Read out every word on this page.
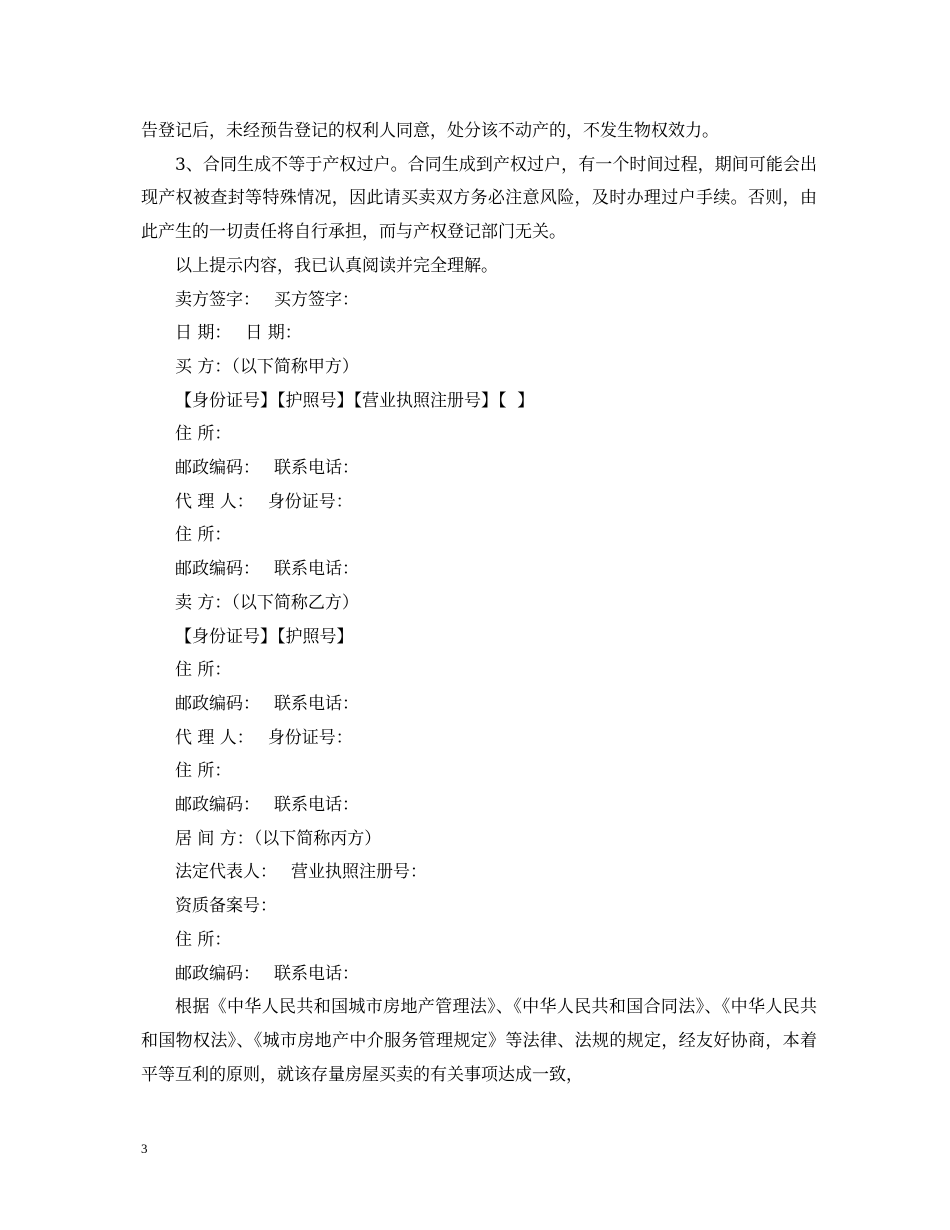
告登记后，未经预告登记的权利人同意，处分该不动产的，不发生物权效力。

3、合同生成不等于产权过户。合同生成到产权过户，有一个时间过程，期间可能会出现产权被查封等特殊情况，因此请买卖双方务必注意风险，及时办理过户手续。否则，由此产生的一切责任将自行承担，而与产权登记部门无关。

以上提示内容，我已认真阅读并完全理解。

卖方签字： 买方签字：

日 期： 日 期：

买 方：（以下简称甲方）

【身份证号】【护照号】【营业执照注册号】【  】

住 所：

邮政编码： 联系电话：

代 理 人： 身份证号：

住 所：

邮政编码： 联系电话：

卖 方：（以下简称乙方）

【身份证号】【护照号】

住 所：

邮政编码： 联系电话：

代 理 人： 身份证号：

住 所：

邮政编码： 联系电话：

居 间 方：（以下简称丙方）

法定代表人： 营业执照注册号：

资质备案号：

住 所：

邮政编码： 联系电话：

根据《中华人民共和国城市房地产管理法》、《中华人民共和国合同法》、《中华人民共和国物权法》、《城市房地产中介服务管理规定》等法律、法规的规定，经友好协商，本着平等互利的原则，就该存量房屋买卖的有关事项达成一致，

3
